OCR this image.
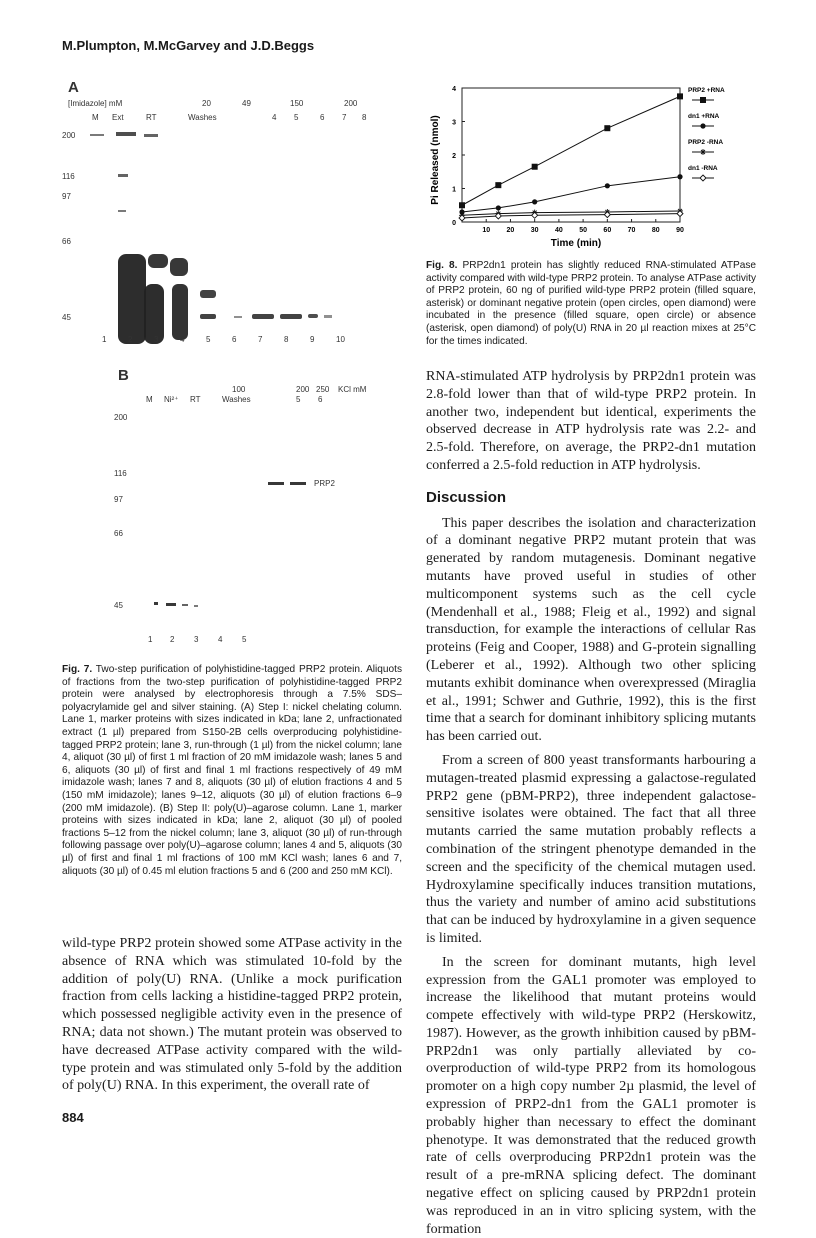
M.Plumpton, M.McGarvey and J.D.Beggs
A
[Imidazole] mM	20	49	150	200
M Ext	RT	Washes	4 5	6 7 8
200
116
97
66
45
1	2	3	4	5	6	7	8	9	10
B
100	200 250 KCl mM
M Ni²⁺ RT	Washes	5 6
200
116
97
66
45
PRP2
1 2 3 4 5
Fig. 7. Two-step purification of polyhistidine-tagged PRP2 protein. Aliquots of fractions from the two-step purification of polyhistidine-tagged PRP2 protein were analysed by electrophoresis through a 7.5% SDS–polyacrylamide gel and silver staining. (A) Step I: nickel chelating column. Lane 1, marker proteins with sizes indicated in kDa; lane 2, unfractionated extract (1 µl) prepared from S150-2B cells overproducing polyhistidine-tagged PRP2 protein; lane 3, run-through (1 µl) from the nickel column; lane 4, aliquot (30 µl) of first 1 ml fraction of 20 mM imidazole wash; lanes 5 and 6, aliquots (30 µl) of first and final 1 ml fractions respectively of 49 mM imidazole wash; lanes 7 and 8, aliquots (30 µl) of elution fractions 4 and 5 (150 mM imidazole); lanes 9–12, aliquots (30 µl) of elution fractions 6–9 (200 mM imidazole). (B) Step II: poly(U)–agarose column. Lane 1, marker proteins with sizes indicated in kDa; lane 2, aliquot (30 µl) of pooled fractions 5–12 from the nickel column; lane 3, aliquot (30 µl) of run-through following passage over poly(U)–agarose column; lanes 4 and 5, aliquots (30 µl) of first and final 1 ml fractions of 100 mM KCl wash; lanes 6 and 7, aliquots (30 µl) of 0.45 ml elution fractions 5 and 6 (200 and 250 mM KCl).

wild-type PRP2 protein showed some ATPase activity in the absence of RNA which was stimulated 10-fold by the addition of poly(U) RNA. (Unlike a mock purification fraction from cells lacking a histidine-tagged PRP2 protein, which possessed negligible activity even in the presence of RNA; data not shown.) The mutant protein was observed to have decreased ATPase activity compared with the wild-type protein and was stimulated only 5-fold by the addition of poly(U) RNA. In this experiment, the overall rate of

10 20 30 40 50 60 70 80 90
0
1
2
3
4	PRP2 +RNA
dn1 +RNA
PRP2 -RNA
dn1 -RNA
Time (min)
Pi Released (nmol)
Fig. 8. PRP2dn1 protein has slightly reduced RNA-stimulated ATPase activity compared with wild-type PRP2 protein. To analyse ATPase activity of PRP2 protein, 60 ng of purified wild-type PRP2 protein (filled square, asterisk) or dominant negative protein (open circles, open diamond) were incubated in the presence (filled square, open circle) or absence (asterisk, open diamond) of poly(U) RNA in 20 µl reaction mixes at 25°C for the times indicated.

RNA-stimulated ATP hydrolysis by PRP2dn1 protein was 2.8-fold lower than that of wild-type PRP2 protein. In another two, independent but identical, experiments the observed decrease in ATP hydrolysis rate was 2.2- and 2.5-fold. Therefore, on average, the PRP2-dn1 mutation conferred a 2.5-fold reduction in ATP hydrolysis.

Discussion

This paper describes the isolation and characterization of a dominant negative PRP2 mutant protein that was generated by random mutagenesis. Dominant negative mutants have proved useful in studies of other multicomponent systems such as the cell cycle (Mendenhall et al., 1988; Fleig et al., 1992) and signal transduction, for example the interactions of cellular Ras proteins (Feig and Cooper, 1988) and G-protein signalling (Leberer et al., 1992). Although two other splicing mutants exhibit dominance when overexpressed (Miraglia et al., 1991; Schwer and Guthrie, 1992), this is the first time that a search for dominant inhibitory splicing mutants has been carried out.

From a screen of 800 yeast transformants harbouring a mutagen-treated plasmid expressing a galactose-regulated PRP2 gene (pBM-PRP2), three independent galactose-sensitive isolates were obtained. The fact that all three mutants carried the same mutation probably reflects a combination of the stringent phenotype demanded in the screen and the specificity of the chemical mutagen used. Hydroxylamine specifically induces transition mutations, thus the variety and number of amino acid substitutions that can be induced by hydroxylamine in a given sequence is limited.

In the screen for dominant mutants, high level expression from the GAL1 promoter was employed to increase the likelihood that mutant proteins would compete effectively with wild-type PRP2 (Herskowitz, 1987). However, as the growth inhibition caused by pBM-PRP2dn1 was only partially alleviated by co-overproduction of wild-type PRP2 from its homologous promoter on a high copy number 2µ plasmid, the level of expression of PRP2-dn1 from the GAL1 promoter is probably higher than necessary to effect the dominant phenotype. It was demonstrated that the reduced growth rate of cells overproducing PRP2dn1 protein was the result of a pre-mRNA splicing defect. The dominant negative effect on splicing caused by PRP2dn1 protein was reproduced in an in vitro splicing system, with the formation

884
